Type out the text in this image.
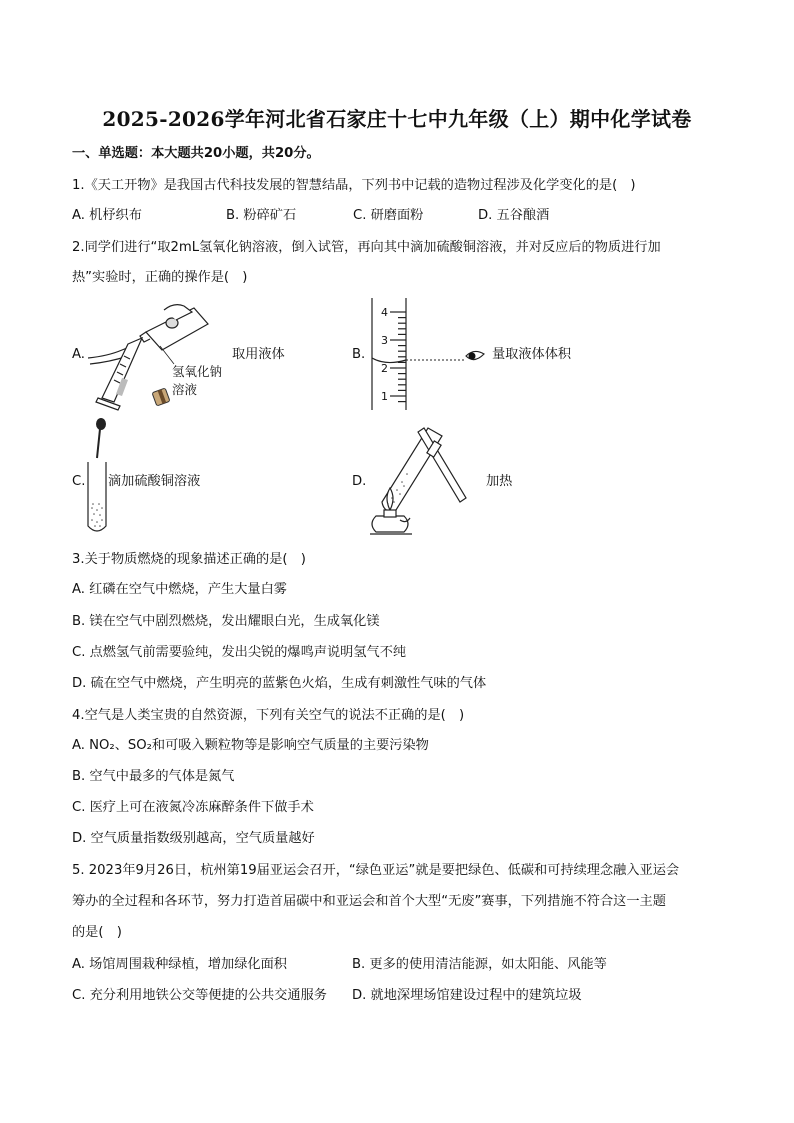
2025-2026学年河北省石家庄十七中九年级（上）期中化学试卷
一、单选题：本大题共20小题，共20分。
1.《天工开物》是我国古代科技发展的智慧结晶，下列书中记载的造物过程涉及化学变化的是(　)
A. 机杼织布	B. 粉碎矿石	C. 研磨面粉	D. 五谷酿酒
2.同学们进行“取2mL氢氧化钠溶液，倒入试管，再向其中滴加硫酸铜溶液，并对反应后的物质进行加
热”实验时，正确的操作是(　)
A.
氢氧化钠
溶液
取用液体	B.
4
3
2
1
量取液体体积
C. 滴加硫酸铜溶液	D.	加热
3.关于物质燃烧的现象描述正确的是(　)
A. 红磷在空气中燃烧，产生大量白雾
B. 镁在空气中剧烈燃烧，发出耀眼白光，生成氧化镁
C. 点燃氢气前需要验纯，发出尖锐的爆鸣声说明氢气不纯
D. 硫在空气中燃烧，产生明亮的蓝紫色火焰，生成有刺激性气味的气体
4.空气是人类宝贵的自然资源，下列有关空气的说法不正确的是(　)
A. NO₂、SO₂和可吸入颗粒物等是影响空气质量的主要污染物
B. 空气中最多的气体是氮气
C. 医疗上可在液氮冷冻麻醉条件下做手术
D. 空气质量指数级别越高，空气质量越好
5. 2023年9月26日，杭州第19届亚运会召开，“绿色亚运”就是要把绿色、低碳和可持续理念融入亚运会
筹办的全过程和各环节，努力打造首届碳中和亚运会和首个大型“无废”赛事，下列措施不符合这一主题
的是(　)
A. 场馆周围栽种绿植，增加绿化面积	B. 更多的使用清洁能源，如太阳能、风能等
C. 充分利用地铁公交等便捷的公共交通服务 D. 就地深埋场馆建设过程中的建筑垃圾
